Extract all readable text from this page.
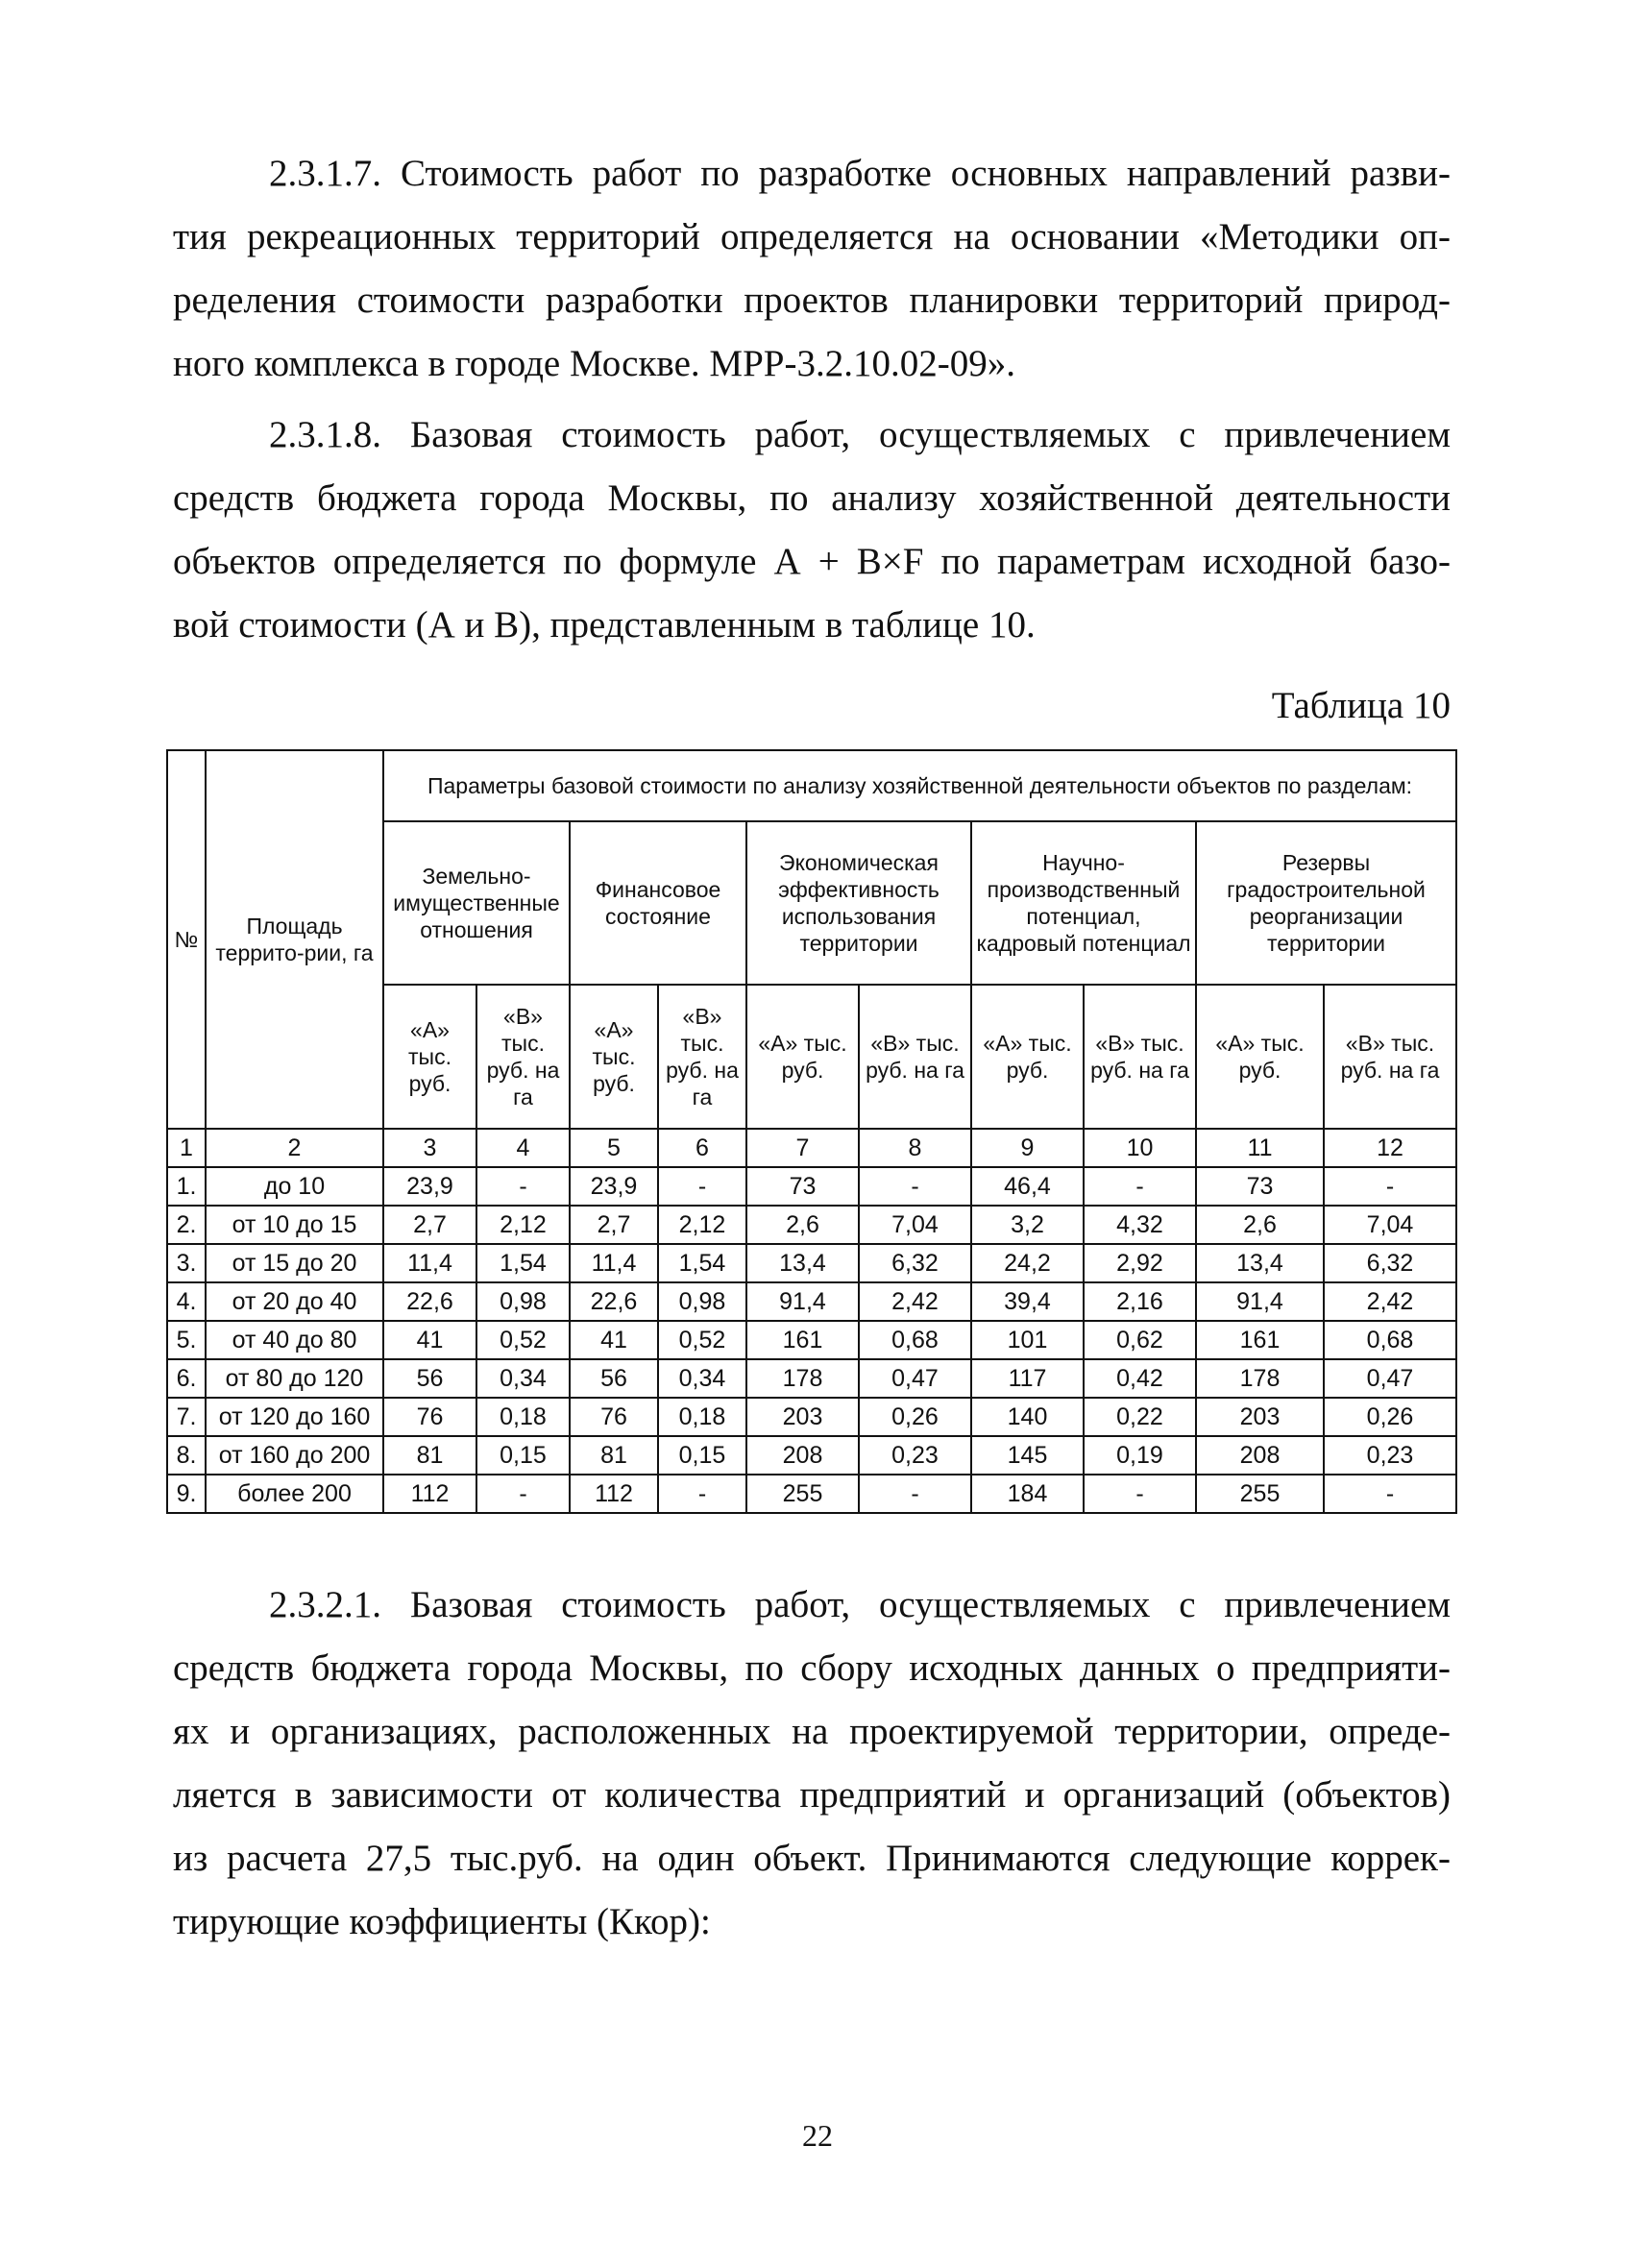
2.3.1.7. Стоимость работ по разработке основных направлений разви-
тия рекреационных территорий определяется на основании «Методики оп-
ределения стоимости разработки проектов планировки территорий природ-
ного комплекса в городе Москве. МРР-3.2.10.02-09».
2.3.1.8. Базовая стоимость работ, осуществляемых с привлечением
средств бюджета города Москвы, по анализу хозяйственной деятельности
объектов определяется по формуле А + В×F по параметрам исходной базо-
вой стоимости (А и В), представленным в таблице 10.
Таблица 10
№	Площадь террито-рии, га	Параметры базовой стоимости по анализу хозяйственной деятельности объектов по разделам:									
		Земельно-имущественные отношения		Финансовое состояние		Экономическая эффективность использования территории		Научно-производственный потенциал, кадровый потенциал		Резервы градостроительной реорганизации территории	
		«А» тыс. руб.	«В» тыс. руб. на га	«А» тыс. руб.	«В» тыс. руб. на га	«А» тыс. руб.	«В» тыс. руб. на га	«А» тыс. руб.	«В» тыс. руб. на га	«А» тыс. руб.	«В» тыс. руб. на га
1	2	3	4	5	6	7	8	9	10	11	12
1.	до 10	23,9	-	23,9	-	73	-	46,4	-	73	-
2.	от 10 до 15	2,7	2,12	2,7	2,12	2,6	7,04	3,2	4,32	2,6	7,04
3.	от 15 до 20	11,4	1,54	11,4	1,54	13,4	6,32	24,2	2,92	13,4	6,32
4.	от 20 до 40	22,6	0,98	22,6	0,98	91,4	2,42	39,4	2,16	91,4	2,42
5.	от 40 до 80	41	0,52	41	0,52	161	0,68	101	0,62	161	0,68
6.	от 80 до 120	56	0,34	56	0,34	178	0,47	117	0,42	178	0,47
7.	от 120 до 160	76	0,18	76	0,18	203	0,26	140	0,22	203	0,26
8.	от 160 до 200	81	0,15	81	0,15	208	0,23	145	0,19	208	0,23
9.	более 200	112	-	112	-	255	-	184	-	255	-
2.3.2.1. Базовая стоимость работ, осуществляемых с привлечением
средств бюджета города Москвы, по сбору исходных данных о предприяти-
ях и организациях, расположенных на проектируемой территории, опреде-
ляется в зависимости от количества предприятий и организаций (объектов)
из расчета 27,5 тыс.руб. на один объект. Принимаются следующие коррек-
тирующие коэффициенты (Ккор):
22
